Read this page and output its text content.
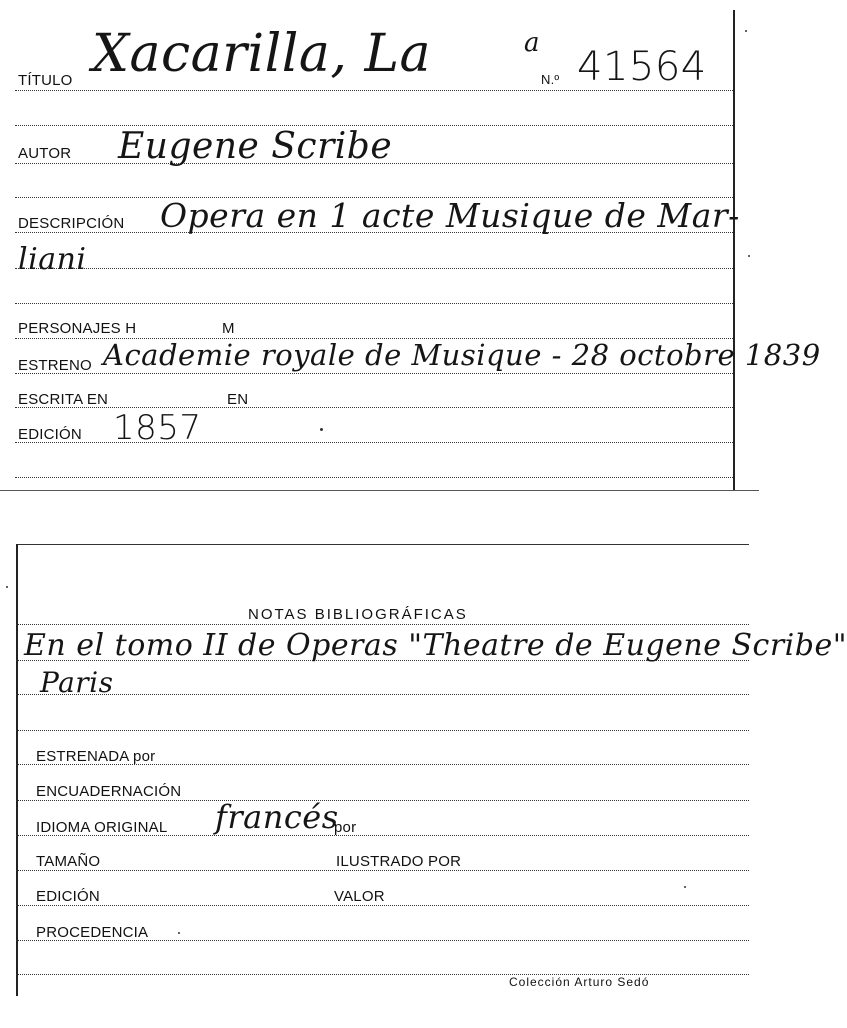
TÍTULO Xacarilla, La	a
N.º 41564
AUTOR Eugene Scribe
DESCRIPCIÓN Opera en 1 acte Musique de Mar-
liani
PERSONAJES H	M
ESTRENO Academie royale de Musique - 28 octobre 1839
ESCRITA EN	EN
EDICIÓN 1857
NOTAS BIBLIOGRÁFICAS
En el tomo II de Operas "Theatre de Eugene Scribe"
Paris
ESTRENADA por
ENCUADERNACIÓN
IDIOMA ORIGINAL francés
por
TAMAÑO	ILUSTRADO POR
EDICIÓN	VALOR
PROCEDENCIA
Colección Arturo Sedó
